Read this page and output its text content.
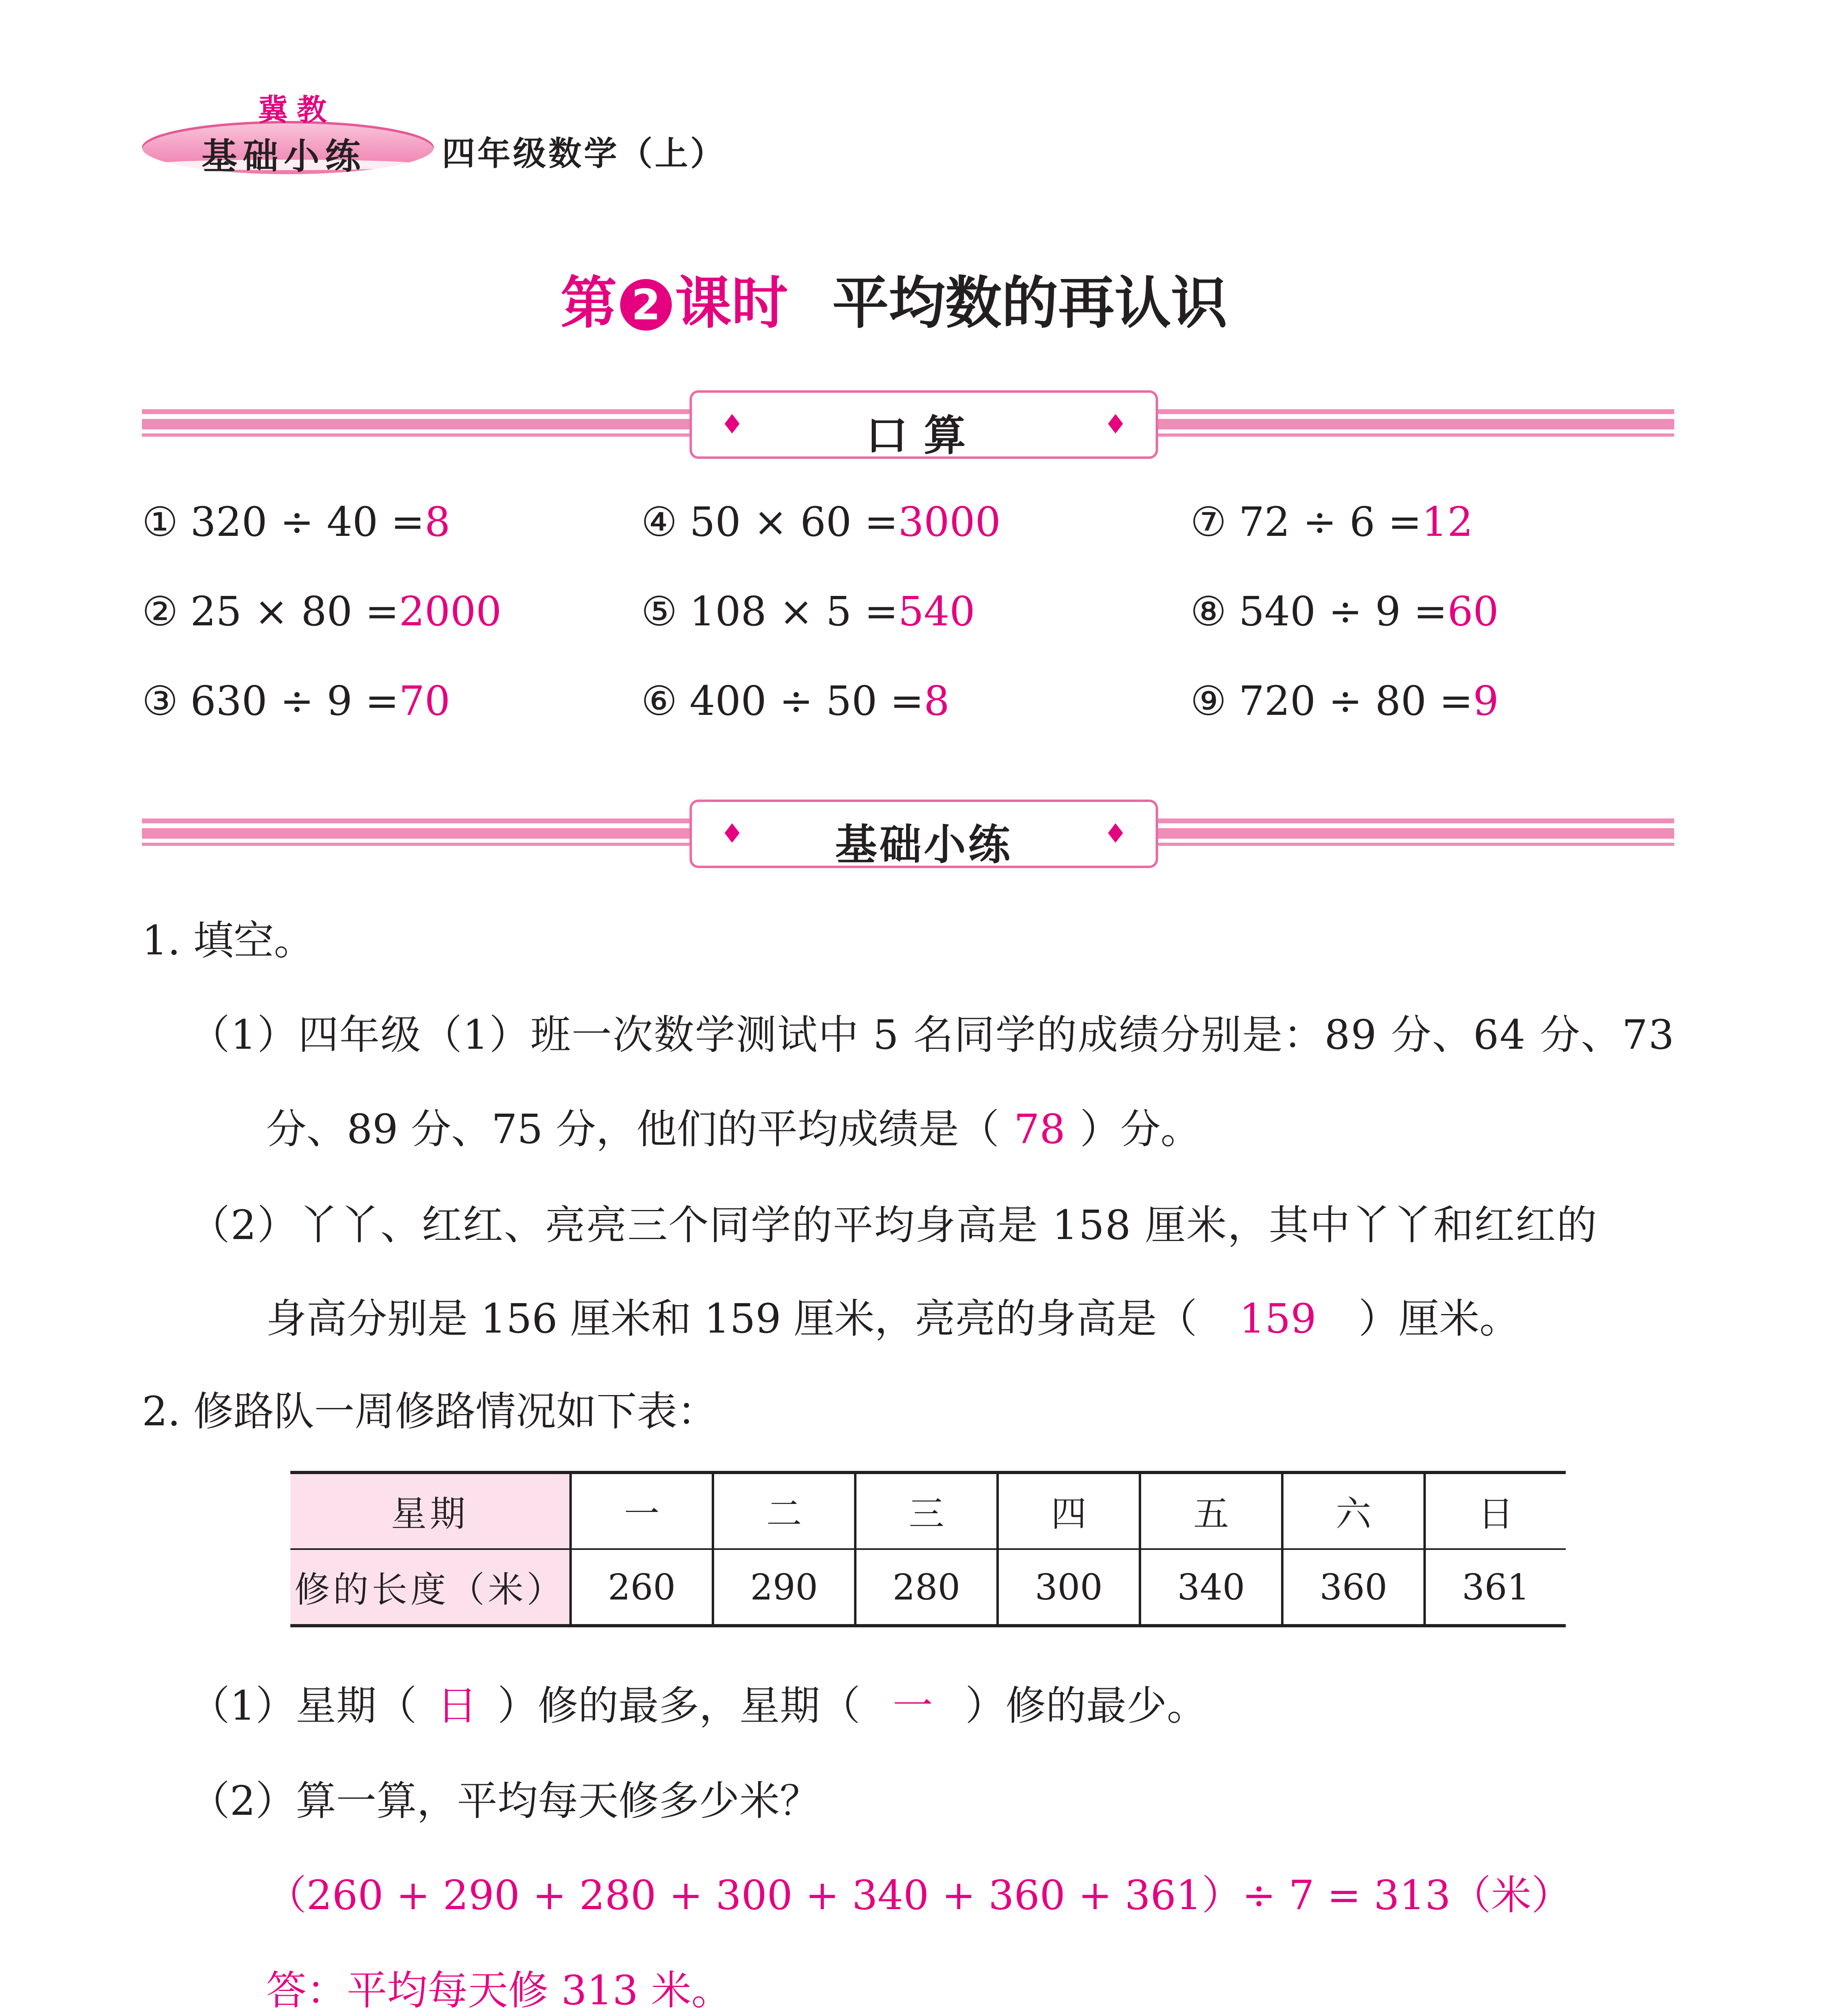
冀教
基础小练 四年级数学（上）
第 2 课时 平均数的再认识
♦	口算	♦
① 320 ÷ 40 =8	④ 50 × 60 =3000	⑦ 72 ÷ 6 =12
② 25 × 80 =2000	⑤ 108 × 5 =540	⑧ 540 ÷ 9 =60
③ 630 ÷ 9 =70	⑥ 400 ÷ 50 =8	⑨ 720 ÷ 80 =9
♦	基础小练	♦
1. 填空。
（1）四年级（1）班一次数学测试中 5 名同学的成绩分别是：89 分、64 分、73
分、89 分、75 分，他们的平均成绩是（ 78 ）分。
（2）丫丫、红红、亮亮三个同学的平均身高是 158 厘米，其中丫丫和红红的
身高分别是 156 厘米和 159 厘米，亮亮的身高是（ 159 ）厘米。
2. 修路队一周修路情况如下表：
星期	一	二	三	四	五	六	日
修的长度（米）	260	290	280	300	340	360	361
（1）星期（ 日 ）修的最多，星期（ 一 ）修的最少。
（2）算一算，平均每天修多少米？
（260 + 290 + 280 + 300 + 340 + 360 + 361）÷ 7 = 313（米）
答：平均每天修 313 米。
